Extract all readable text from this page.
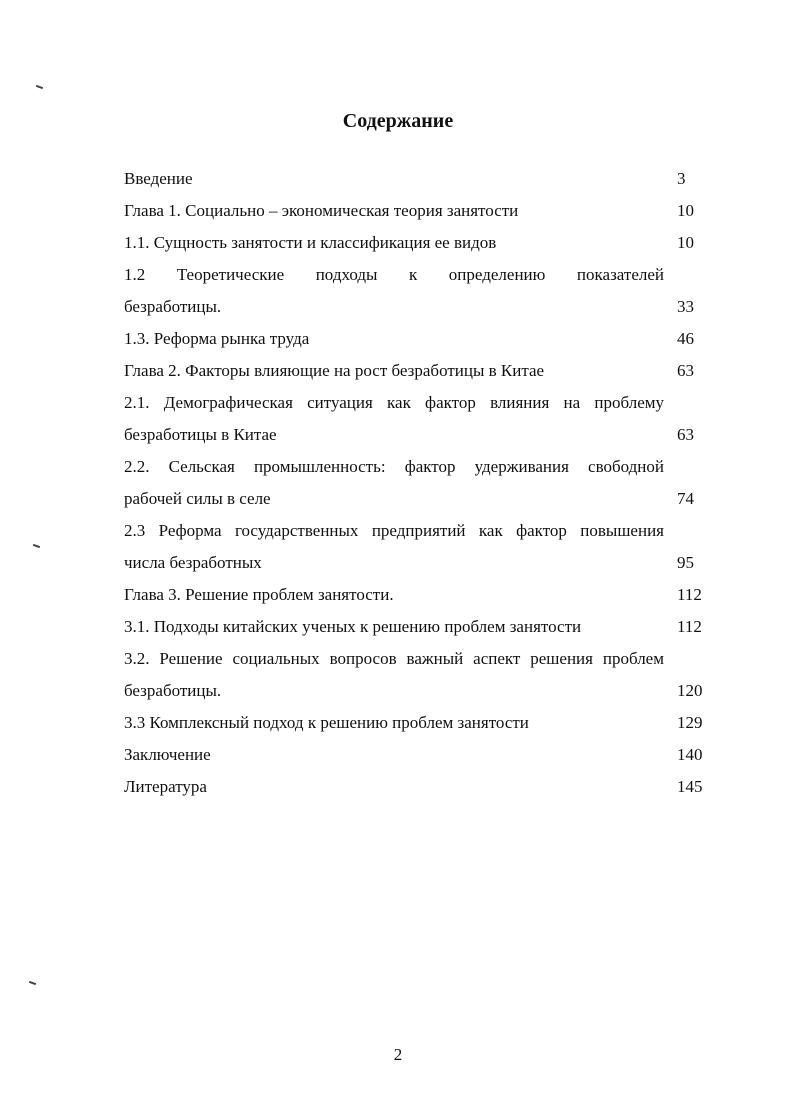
Содержание
Введение	3
Глава 1. Социально – экономическая теория занятости	10
1.1. Сущность занятости и классификация ее видов	10
1.2 Теоретические подходы к определению показателей
безработицы.	33
1.3. Реформа рынка труда	46
Глава 2. Факторы влияющие на рост безработицы в Китае	63
2.1. Демографическая ситуация как фактор влияния на проблему
безработицы в Китае	63
2.2. Сельская промышленность: фактор удерживания свободной
рабочей силы в селе	74
2.3 Реформа государственных предприятий как фактор повышения
числа безработных	95
Глава 3. Решение проблем занятости.	112
3.1. Подходы китайских ученых к решению проблем занятости	112
3.2. Решение социальных вопросов важный аспект решения проблем
безработицы.	120
3.3 Комплексный подход к решению проблем занятости	129
Заключение	140
Литература	145
2
